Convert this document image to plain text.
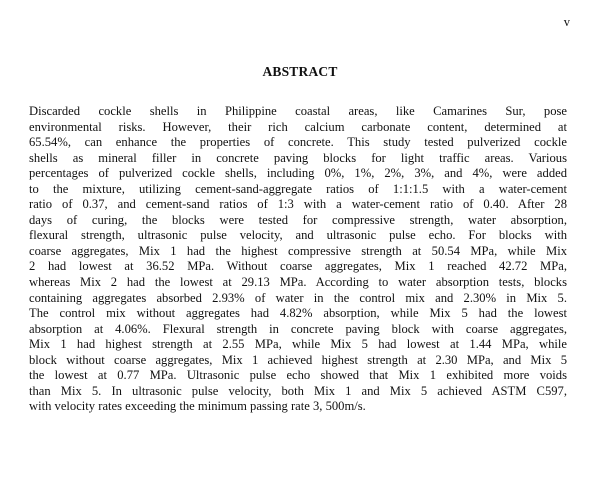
v
ABSTRACT
Discarded cockle shells in Philippine coastal areas, like Camarines Sur, pose
environmental risks. However, their rich calcium carbonate content, determined at
65.54%, can enhance the properties of concrete. This study tested pulverized cockle
shells as mineral filler in concrete paving blocks for light traffic areas. Various
percentages of pulverized cockle shells, including 0%, 1%, 2%, 3%, and 4%, were added
to the mixture, utilizing cement-sand-aggregate ratios of 1:1:1.5 with a water-cement
ratio of 0.37, and cement-sand ratios of 1:3 with a water-cement ratio of 0.40. After 28
days of curing, the blocks were tested for compressive strength, water absorption,
flexural strength, ultrasonic pulse velocity, and ultrasonic pulse echo. For blocks with
coarse aggregates, Mix 1 had the highest compressive strength at 50.54 MPa, while Mix
2 had lowest at 36.52 MPa. Without coarse aggregates, Mix 1 reached 42.72 MPa,
whereas Mix 2 had the lowest at 29.13 MPa. According to water absorption tests, blocks
containing aggregates absorbed 2.93% of water in the control mix and 2.30% in Mix 5.
The control mix without aggregates had 4.82% absorption, while Mix 5 had the lowest
absorption at 4.06%. Flexural strength in concrete paving block with coarse aggregates,
Mix 1 had highest strength at 2.55 MPa, while Mix 5 had lowest at 1.44 MPa, while
block without coarse aggregates, Mix 1 achieved highest strength at 2.30 MPa, and Mix 5
the lowest at 0.77 MPa. Ultrasonic pulse echo showed that Mix 1 exhibited more voids
than Mix 5. In ultrasonic pulse velocity, both Mix 1 and Mix 5 achieved ASTM C597,
with velocity rates exceeding the minimum passing rate 3, 500m/s.
